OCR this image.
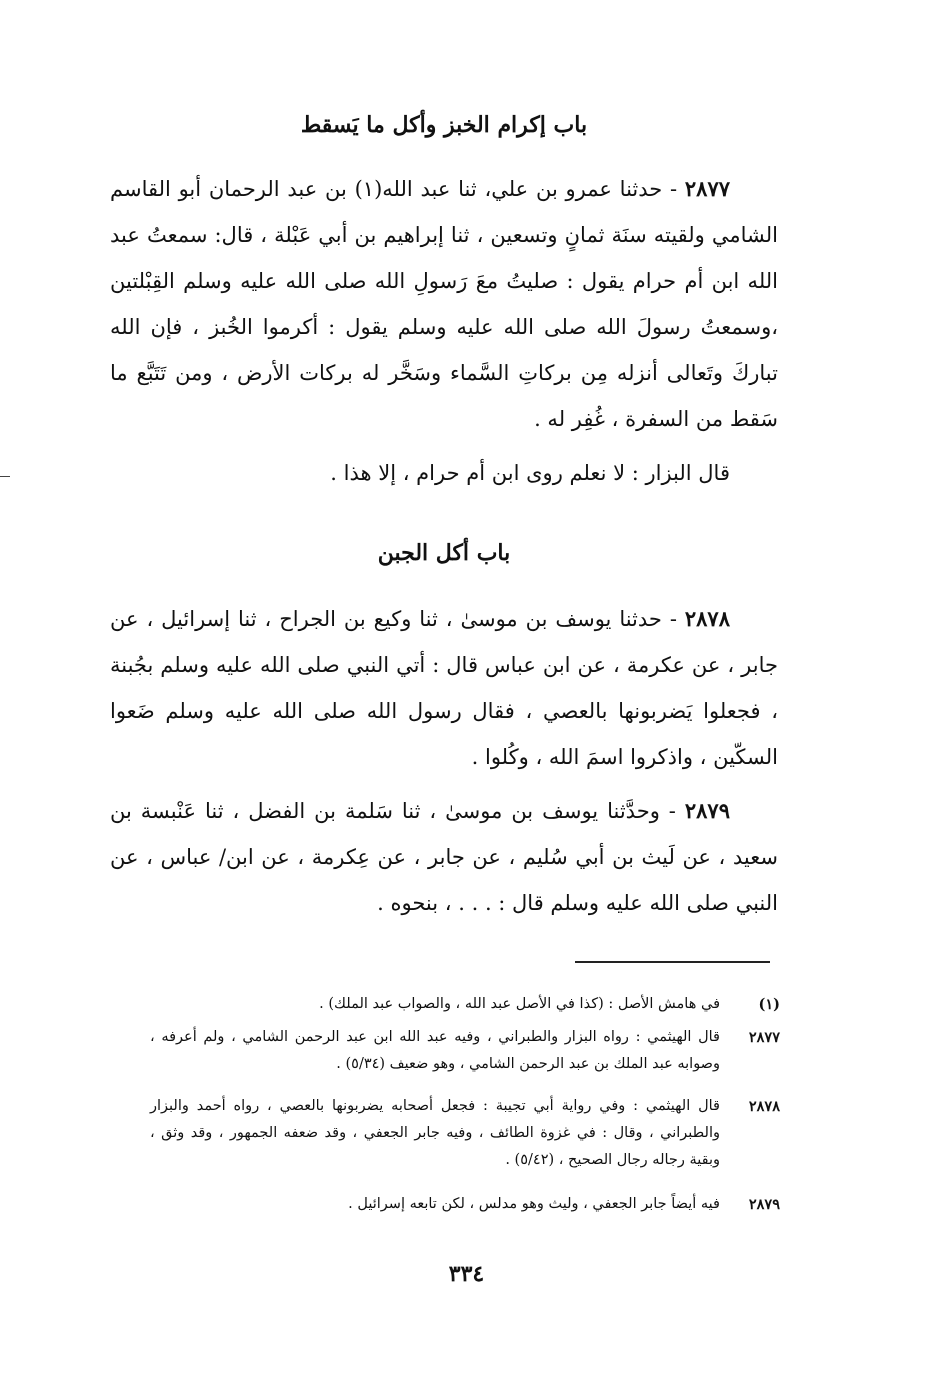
باب إكرام الخبز وأكل ما يَسقط
٢٨٧٧ - حدثنا عمرو بن علي، ثنا عبد الله(١) بن عبد الرحمان أبو القاسم الشامي ولقيته سنَة ثمانٍ وتسعين ، ثنا إبراهيم بن أبي عَبْلة ، قال: سمعتُ عبد الله ابن أم حرام يقول : صليتُ معَ رَسولِ الله صلى الله عليه وسلم القِبْلتين ،وسمعتُ رسولَ الله صلى الله عليه وسلم يقول : أكرموا الخُبز ، فإن الله تباركَ وتَعالى أنزله مِن بركاتِ السَّماء وسَخَّر له بركات الأرض ، ومن تَتَبَّع ما سَقط من السفرة ، غُفِر له .
قال البزار : لا نعلم روى ابن أم حرام ، إلا هذا .
باب أكل الجبن
٢٨٧٨ - حدثنا يوسف بن موسىٰ ، ثنا وكيع بن الجراح ، ثنا إسرائيل ، عن جابر ، عن عكرمة ، عن ابن عباس قال : أتي النبي صلى الله عليه وسلم بجُبنة ، فجعلوا يَضربونها بالعصي ، فقال رسول الله صلى الله عليه وسلم ضَعوا السكّين ، واذكروا اسمَ الله ، وكُلوا .
٢٨٧٩ - وحدَّثنا يوسف بن موسىٰ ، ثنا سَلمة بن الفضل ، ثنا عَنْبسة بن سعيد ، عن لَيث بن أبي سُليم ، عن جابر ، عن عِكرمة ، عن ابن/ عباس ، عن النبي صلى الله عليه وسلم قال : . . . ، بنحوه .
(١)
في هامش الأصل : (كذا في الأصل عبد الله ، والصواب عبد الملك) .
٢٨٧٧
قال الهيثمي : رواه البزار والطبراني ، وفيه عبد الله ابن عبد الرحمن الشامي ، ولم أعرفه ، وصوابه عبد الملك بن عبد الرحمن الشامي ، وهو ضعيف (٥/٣٤) .
٢٨٧٨
قال الهيثمي : وفي رواية أبي تجيبة : فجعل أصحابه يضربونها بالعصي ، رواه أحمد والبزار والطبراني ، وقال : في غزوة الطائف ، وفيه جابر الجعفي ، وقد ضعفه الجمهور ، وقد وثق ، وبقية رجاله رجال الصحيح ، (٥/٤٢) .
٢٨٧٩
فيه أيضاً جابر الجعفي ، وليث وهو مدلس ، لكن تابعه إسرائيل .
٣٣٤
